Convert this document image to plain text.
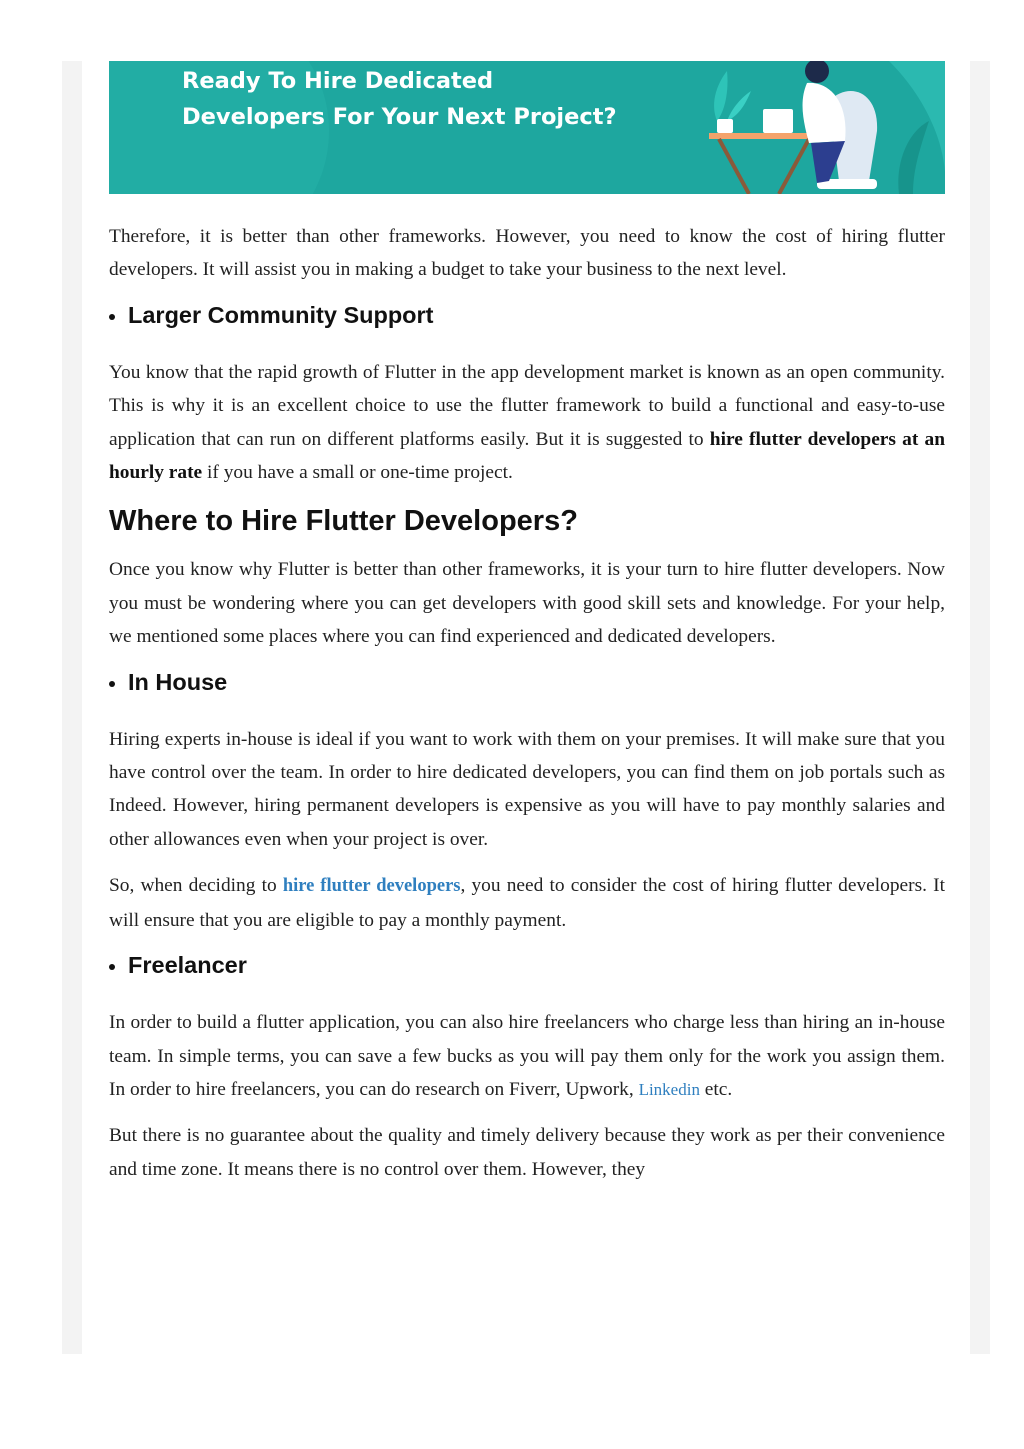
Ready To Hire Dedicated
Developers For Your Next Project?

Therefore, it is better than other frameworks. However, you need to know the cost of hiring flutter developers. It will assist you in making a budget to take your business to the next level.

Larger Community Support

You know that the rapid growth of Flutter in the app development market is known as an open community. This is why it is an excellent choice to use the flutter framework to build a functional and easy-to-use application that can run on different platforms easily. But it is suggested to hire flutter developers at an hourly rate if you have a small or one-time project.

Where to Hire Flutter Developers?

Once you know why Flutter is better than other frameworks, it is your turn to hire flutter developers. Now you must be wondering where you can get developers with good skill sets and knowledge. For your help, we mentioned some places where you can find experienced and dedicated developers.

In House

Hiring experts in-house is ideal if you want to work with them on your premises. It will make sure that you have control over the team. In order to hire dedicated developers, you can find them on job portals such as Indeed. However, hiring permanent developers is expensive as you will have to pay monthly salaries and other allowances even when your project is over.

So, when deciding to hire flutter developers, you need to consider the cost of hiring flutter developers. It will ensure that you are eligible to pay a monthly payment.

Freelancer

In order to build a flutter application, you can also hire freelancers who charge less than hiring an in-house team. In simple terms, you can save a few bucks as you will pay them only for the work you assign them. In order to hire freelancers, you can do research on Fiverr, Upwork, Linkedin etc.

But there is no guarantee about the quality and timely delivery because they work as per their convenience and time zone. It means there is no control over them. However, they
